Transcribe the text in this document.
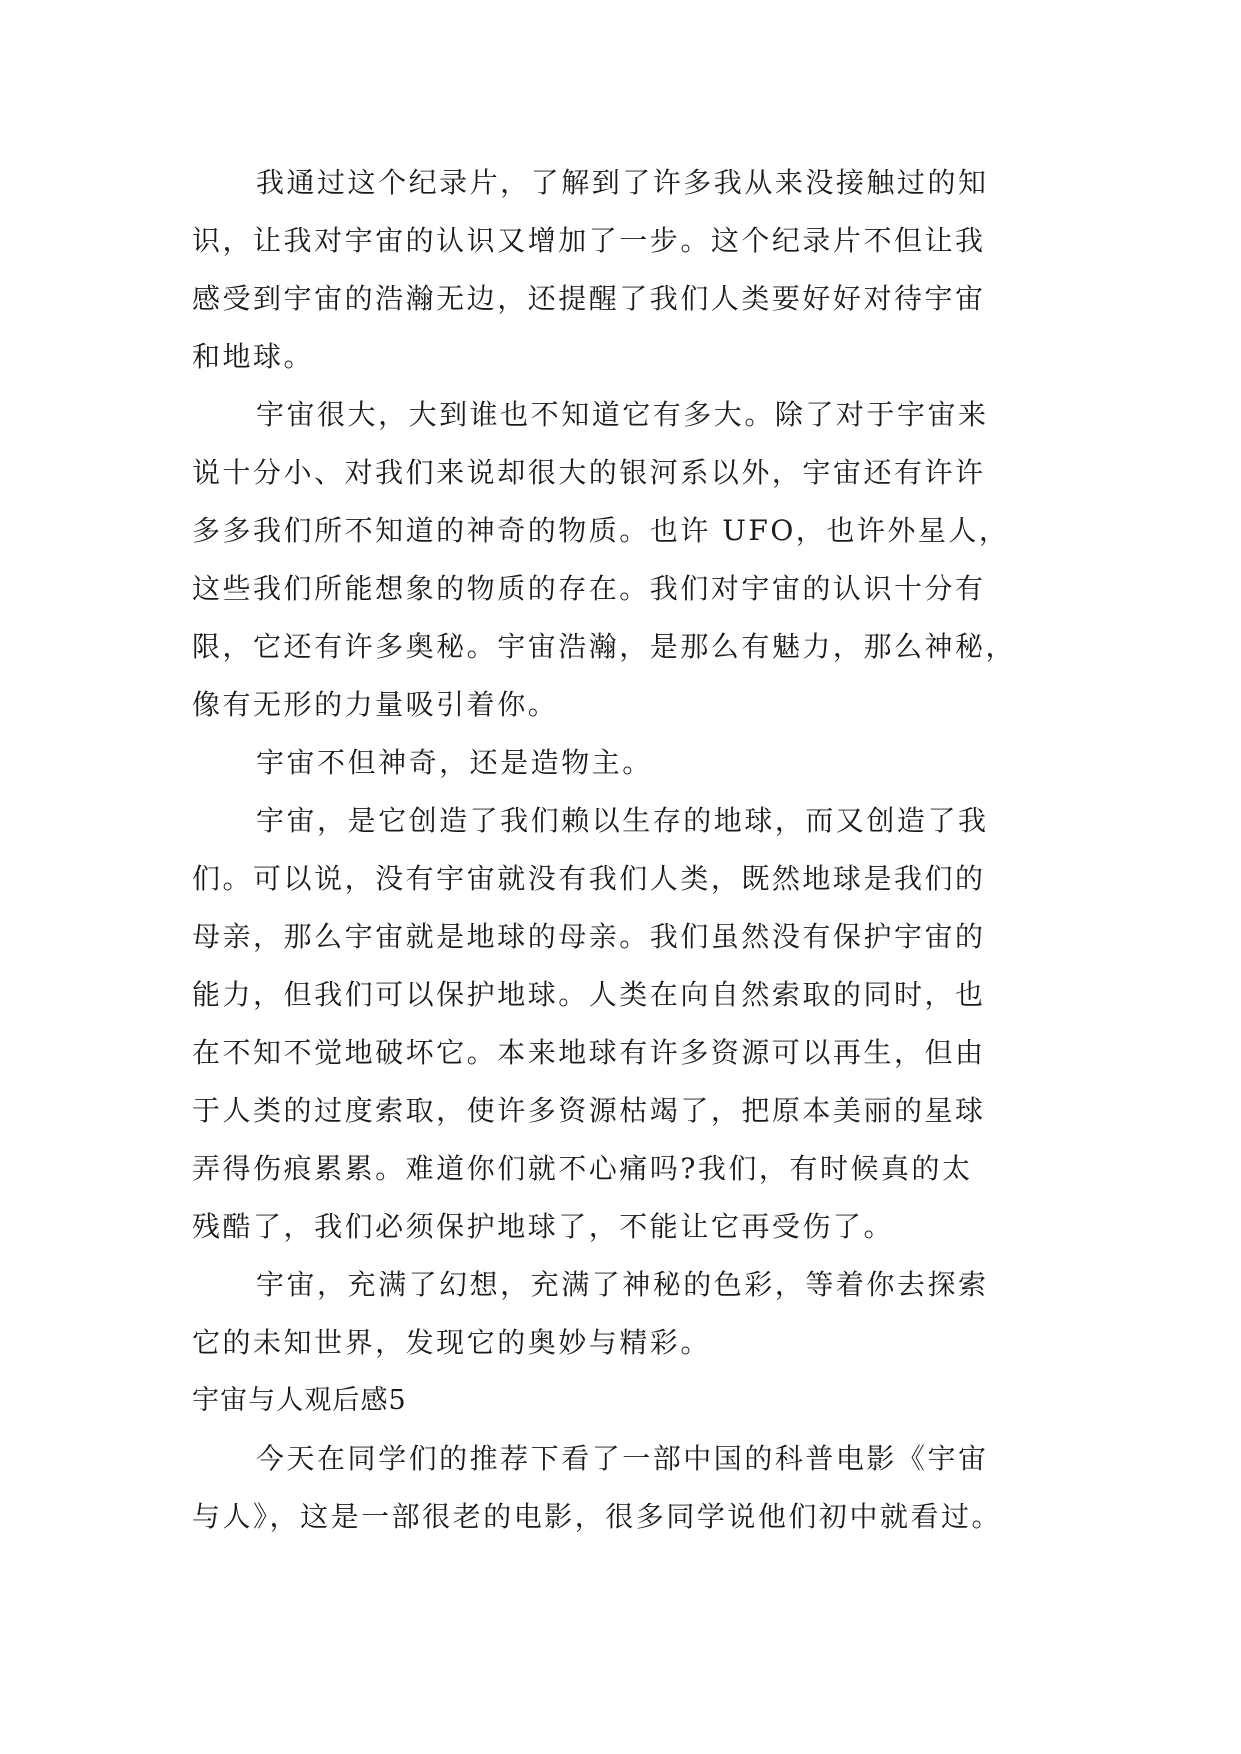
我通过这个纪录片，了解到了许多我从来没接触过的知
识，让我对宇宙的认识又增加了一步。这个纪录片不但让我
感受到宇宙的浩瀚无边，还提醒了我们人类要好好对待宇宙
和地球。
宇宙很大，大到谁也不知道它有多大。除了对于宇宙来
说十分小、对我们来说却很大的银河系以外，宇宙还有许许
多多我们所不知道的神奇的物质。也许 UFO，也许外星人，
这些我们所能想象的物质的存在。我们对宇宙的认识十分有
限，它还有许多奥秘。宇宙浩瀚，是那么有魅力，那么神秘，
像有无形的力量吸引着你。
宇宙不但神奇，还是造物主。
宇宙，是它创造了我们赖以生存的地球，而又创造了我
们。可以说，没有宇宙就没有我们人类，既然地球是我们的
母亲，那么宇宙就是地球的母亲。我们虽然没有保护宇宙的
能力，但我们可以保护地球。人类在向自然索取的同时，也
在不知不觉地破坏它。本来地球有许多资源可以再生，但由
于人类的过度索取，使许多资源枯竭了，把原本美丽的星球
弄得伤痕累累。难道你们就不心痛吗?我们，有时候真的太
残酷了，我们必须保护地球了，不能让它再受伤了。
宇宙，充满了幻想，充满了神秘的色彩，等着你去探索
它的未知世界，发现它的奥妙与精彩。
宇宙与人观后感5
今天在同学们的推荐下看了一部中国的科普电影《宇宙
与人》，这是一部很老的电影，很多同学说他们初中就看过。
